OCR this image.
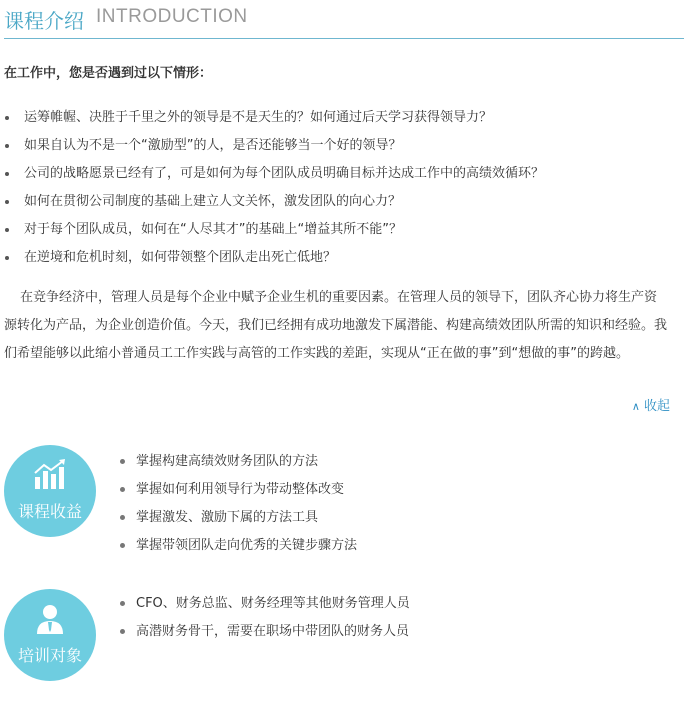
课程介绍 INTRODUCTION
在工作中，您是否遇到过以下情形：
运筹帷幄、决胜于千里之外的领导是不是天生的？如何通过后天学习获得领导力？
如果自认为不是一个“激励型”的人，是否还能够当一个好的领导？
公司的战略愿景已经有了，可是如何为每个团队成员明确目标并达成工作中的高绩效循环？
如何在贯彻公司制度的基础上建立人文关怀，激发团队的向心力？
对于每个团队成员，如何在“人尽其才”的基础上“增益其所不能”？
在逆境和危机时刻，如何带领整个团队走出死亡低地？

在竞争经济中，管理人员是每个企业中赋予企业生机的重要因素。在管理人员的领导下，团队齐心协力将生产资源转化为产品，为企业创造价值。今天，我们已经拥有成功地激发下属潜能、构建高绩效团队所需的知识和经验。我们希望能够以此缩小普通员工工作实践与高管的工作实践的差距，实现从“正在做的事”到“想做的事”的跨越。

∧ 收起
课程收益
掌握构建高绩效财务团队的方法
掌握如何利用领导行为带动整体改变
掌握激发、激励下属的方法工具
掌握带领团队走向优秀的关键步骤方法
培训对象
CFO、财务总监、财务经理等其他财务管理人员
高潜财务骨干，需要在职场中带团队的财务人员
